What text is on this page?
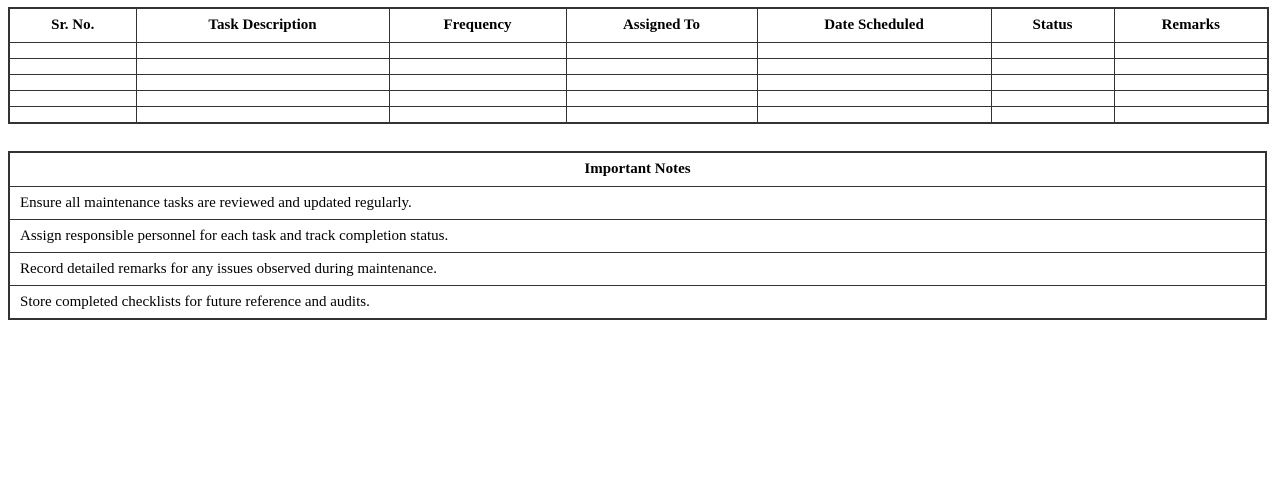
Sr. No.	Task Description	Frequency	Assigned To	Date Scheduled	Status	Remarks

Important Notes
Ensure all maintenance tasks are reviewed and updated regularly.
Assign responsible personnel for each task and track completion status.
Record detailed remarks for any issues observed during maintenance.
Store completed checklists for future reference and audits.
